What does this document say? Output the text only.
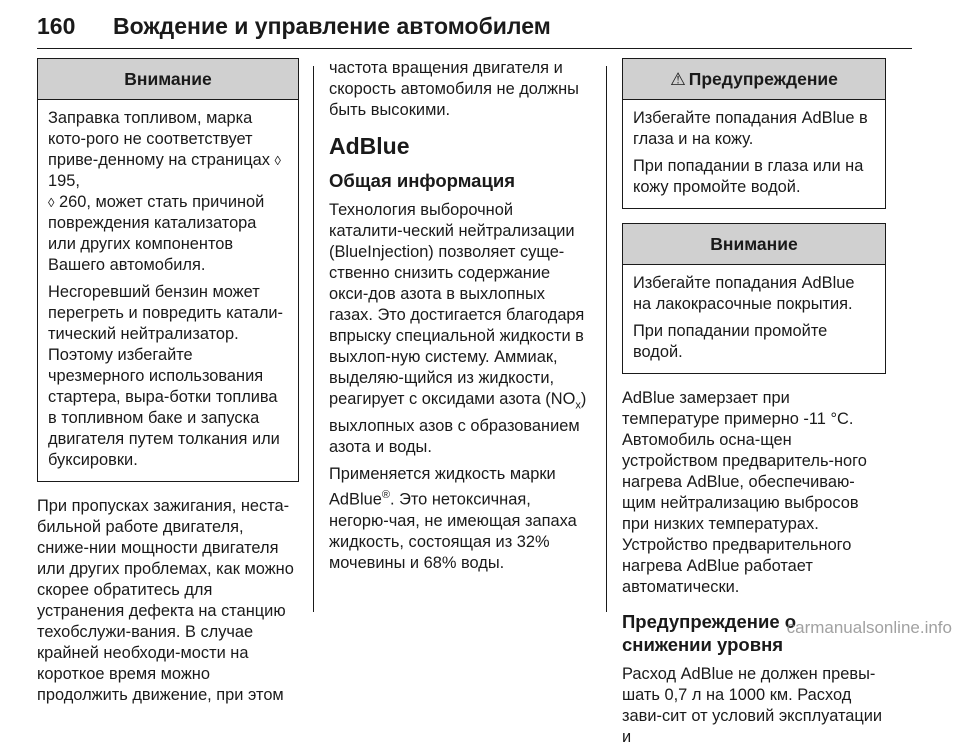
160 Вождение и управление автомобилем
Внимание

Заправка топливом, марка кото-рого не соответствует приве-денному на страницах ◊ 195,
◊ 260, может стать причиной повреждения катализатора или других компонентов Вашего автомобиля.

Несгоревший бензин может перегреть и повредить катали-тический нейтрализатор. Поэтому избегайте чрезмерного использования стартера, выра-ботки топлива в топливном баке и запуска двигателя путем толкания или буксировки.

При пропусках зажигания, неста-бильной работе двигателя, сниже-нии мощности двигателя или других проблемах, как можно скорее обратитесь для устранения дефекта на станцию техобслужи-вания. В случае крайней необходи-мости на короткое время можно продолжить движение, при этом

частота вращения двигателя и скорость автомобиля не должны быть высокими.

AdBlue
Общая информация

Технология выборочной каталити-ческий нейтрализации (BlueInjection) позволяет суще-ственно снизить содержание окси-дов азота в выхлопных газах. Это достигается благодаря впрыску специальной жидкости в выхлоп-ную систему. Аммиак, выделяю-щийся из жидкости, реагирует с оксидами азота $(NO_x)$ выхлопных азов с образованием азота и воды.

Применяется жидкость марки AdBlue®. Это нетоксичная, негорю-чая, не имеющая запаха жидкость, состоящая из 32% мочевины и 68% воды.

⚠ Предупреждение

Избегайте попадания AdBlue в глаза и на кожу.

При попадании в глаза или на кожу промойте водой.

Внимание

Избегайте попадания AdBlue на лакокрасочные покрытия.

При попадании промойте водой.

AdBlue замерзает при температуре примерно -11 °C. Автомобиль осна-щен устройством предваритель-ного нагрева AdBlue, обеспечиваю-щим нейтрализацию выбросов при низких температурах. Устройство предварительного нагрева AdBlue работает автоматически.

Предупреждение о снижении уровня

Расход AdBlue не должен превы-шать 0,7 л на 1000 км. Расход зави-сит от условий эксплуатации и

carmanualsonline.info
